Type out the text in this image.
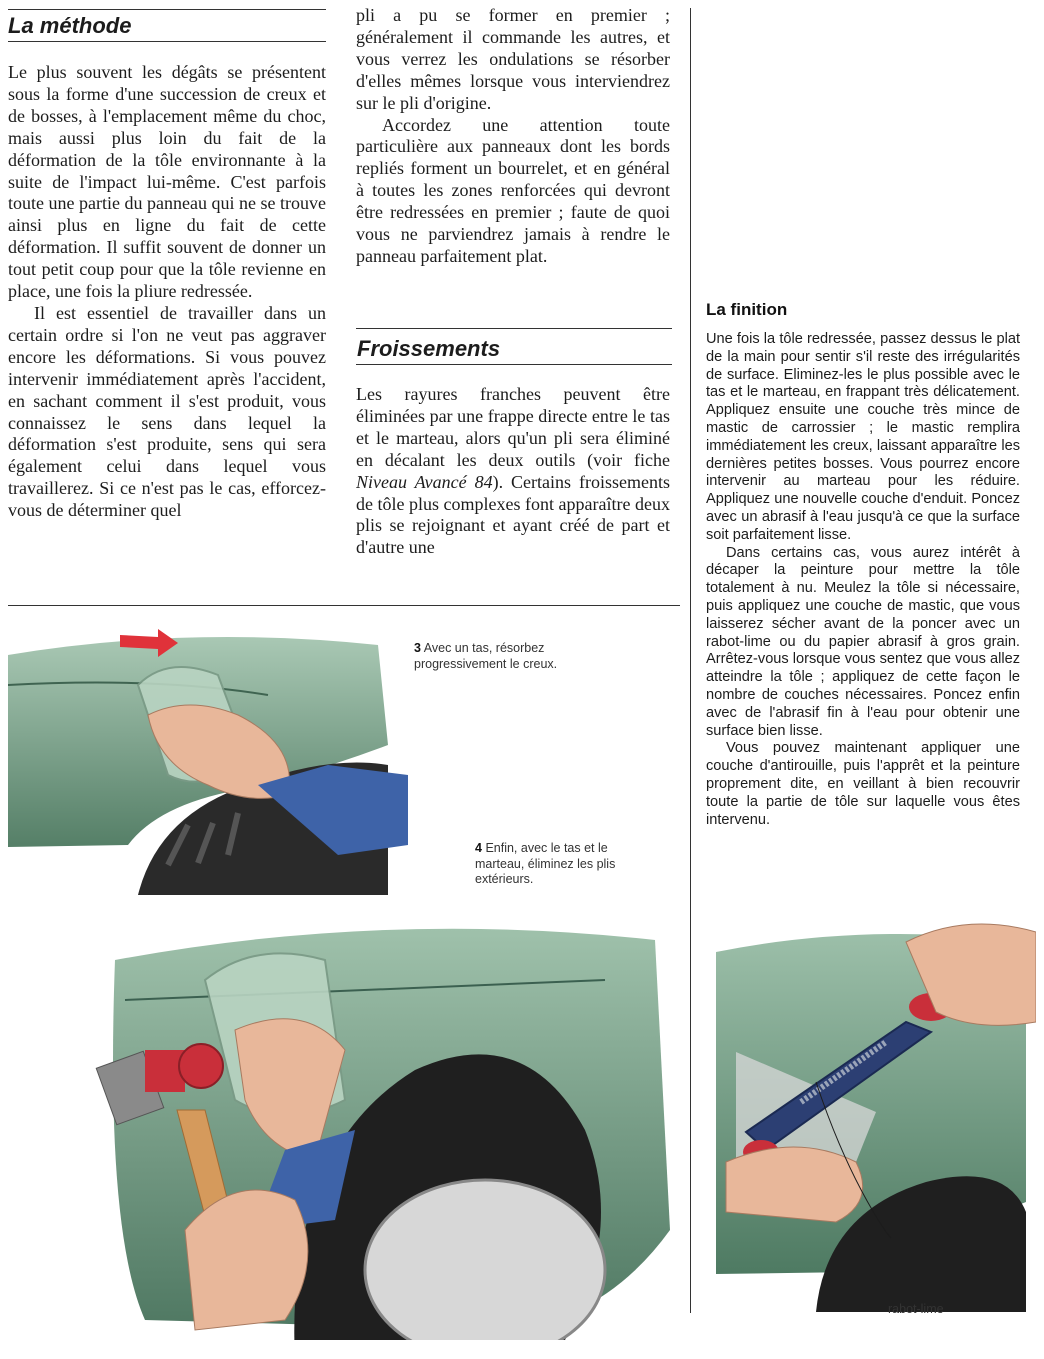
La méthode

Le plus souvent les dégâts se présentent sous la forme d'une succession de creux et de bosses, à l'emplacement même du choc, mais aussi plus loin du fait de la déformation de la tôle environnante à la suite de l'impact lui-même. C'est parfois toute une partie du panneau qui ne se trouve ainsi plus en ligne du fait de cette déformation. Il suffit souvent de donner un tout petit coup pour que la tôle revienne en place, une fois la pliure redressée.

Il est essentiel de travailler dans un certain ordre si l'on ne veut pas aggraver encore les déformations. Si vous pouvez intervenir immédiatement après l'accident, en sachant comment il s'est produit, vous connaissez le sens dans lequel la déformation s'est produite, sens qui sera également celui dans lequel vous travaillerez. Si ce n'est pas le cas, efforcez-vous de déterminer quel

pli a pu se former en premier ; généralement il commande les autres, et vous verrez les ondulations se résorber d'elles mêmes lorsque vous interviendrez sur le pli d'origine.

Accordez une attention toute particulière aux panneaux dont les bords repliés forment un bourrelet, et en général à toutes les zones renforcées qui devront être redressées en premier ; faute de quoi vous ne parviendrez jamais à rendre le panneau parfaitement plat.

Froissements

Les rayures franches peuvent être éliminées par une frappe directe entre le tas et le marteau, alors qu'un pli sera éliminé en décalant les deux outils (voir fiche Niveau Avancé 84). Certains froissements de tôle plus complexes font apparaître deux plis se rejoignant et ayant créé de part et d'autre une

La finition

Une fois la tôle redressée, passez dessus le plat de la main pour sentir s'il reste des irrégularités de surface. Eliminez-les le plus possible avec le tas et le marteau, en frappant très délicatement. Appliquez ensuite une couche très mince de mastic de carrossier ; le mastic remplira immédiatement les creux, laissant apparaître les dernières petites bosses. Vous pourrez encore intervenir au marteau pour les réduire. Appliquez une nouvelle couche d'enduit. Poncez avec un abrasif à l'eau jusqu'à ce que la surface soit parfaitement lisse.

Dans certains cas, vous aurez intérêt à décaper la peinture pour mettre la tôle totalement à nu. Meulez la tôle si nécessaire, puis appliquez une couche de mastic, que vous laisserez sécher avant de la poncer avec un rabot-lime ou du papier abrasif à gros grain. Arrêtez-vous lorsque vous sentez que vous allez atteindre la tôle ; appliquez de cette façon le nombre de couches nécessaires. Poncez enfin avec de l'abrasif fin à l'eau pour obtenir une surface bien lisse.

Vous pouvez maintenant appliquer une couche d'antirouille, puis l'apprêt et la peinture proprement dite, en veillant à bien recouvrir toute la partie de tôle sur laquelle vous êtes intervenu.

3 Avec un tas, résorbez progressivement le creux.

4 Enfin, avec le tas et le marteau, éliminez les plis extérieurs.

rabot-lime
